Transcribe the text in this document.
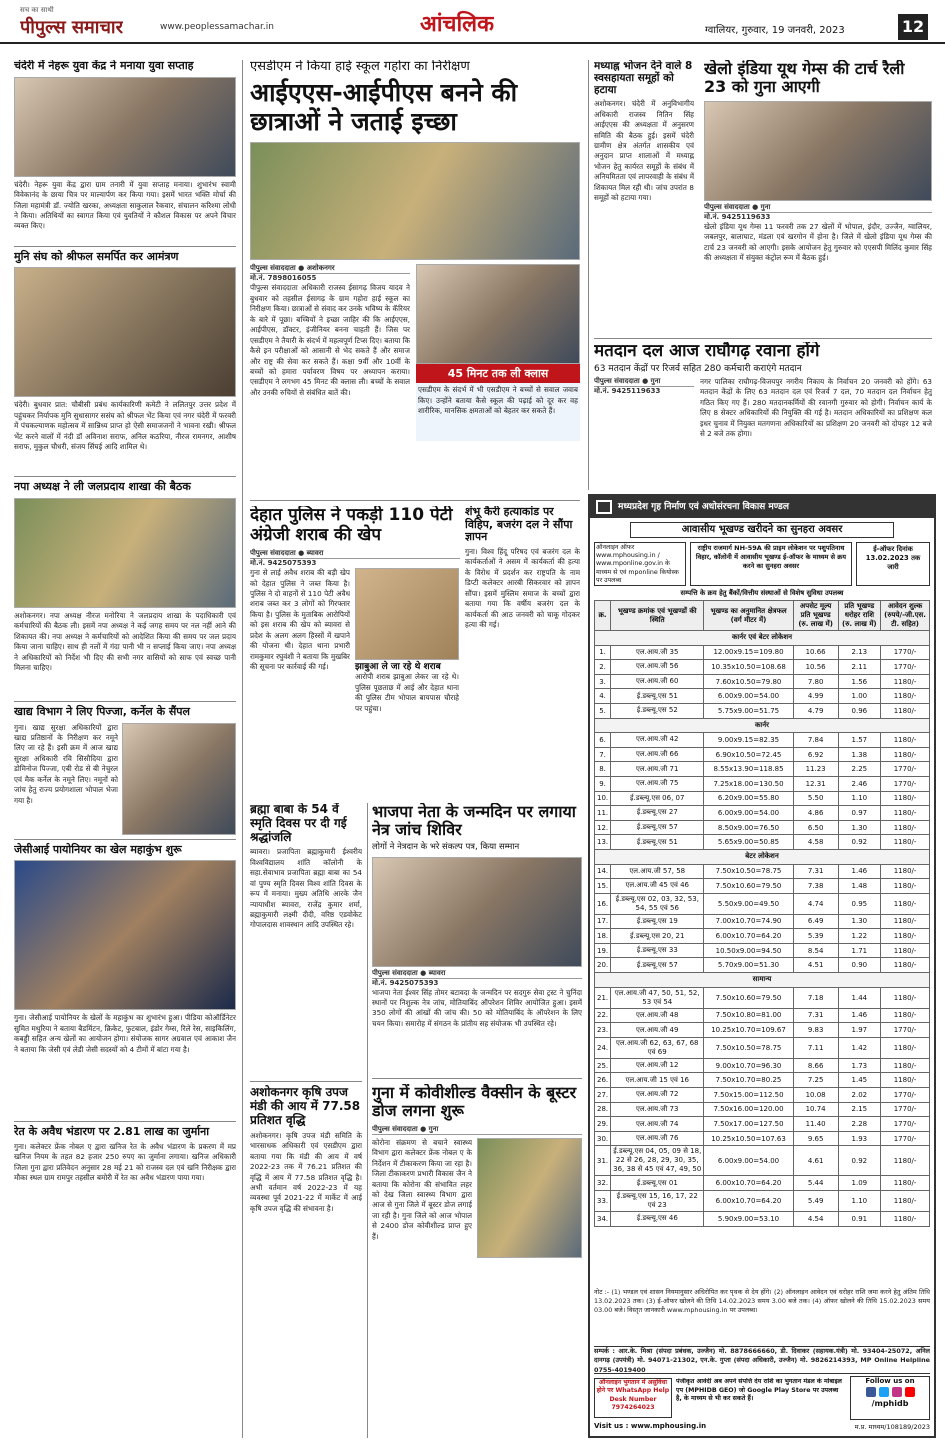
सच का साथी
पीपुल्स समाचार	www.peoplessamachar.in	आंचलिक	ग्वालियर, गुरुवार, 19 जनवरी, 2023	12
चंदेरी में नेहरू युवा केंद्र ने मनाया युवा सप्ताह
चंदेरी। नेहरू युवा केंद्र द्वारा ग्राम तनारी में युवा सप्ताह मनाया। शुभारंभ स्वामी विवेकानंद के छाया चित्र पर माल्यार्पण कर किया गया। इसमें भारत भक्ति मोर्चा की जिला महामंत्री डॉ. ज्योति खरका, अध्यक्षता साकुलाल रैकवार, संचालन करिश्मा लोधी ने किया। अतिथियों का स्वागत किया एवं युवतियों ने कौशल विकास पर अपने विचार व्यक्त किए।
मुनि संघ को श्रीफल समर्पित कर आमंत्रण
चंदेरी। बुधवार प्रात: चौबीसी प्रबंध कार्यकारिणी कमेटी ने ललितपुर उत्तर प्रदेश में पहुंचकर निर्यापक मुनि सुधासागर ससंघ को श्रीफल भेंट किया एवं नगर चंदेरी में फरवरी में पंचकल्याणक महोत्सव में सान्निध्य प्राप्त हो ऐसी समाजजनों ने भावना रखी। श्रीफल भेंट करने वालों में नंदी डॉ अविनाश सराफ, अनिल कठरिया, नीरज रामनगर, आशीष सराफ, मुकुल चौधरी, संजय सिंघई आदि शामिल थे।
नपा अध्यक्ष ने ली जलप्रदाय शाखा की बैठक
अशोकनगर। नपा अध्यक्ष नीरज मनोरिया ने जलप्रदाय शाखा के पदाधिकारी एवं कर्मचारियों की बैठक ली। इसमें नपा अध्यक्ष ने कई जगह समय पर नल नहीं आने की शिकायत की। नपा अध्यक्ष ने कर्मचारियों को आदेशित किया की समय पर जल प्रदाय किया जाना चाहिए। साथ ही नलों में गंदा पानी भी न सप्लाई किया जाए। नपा अध्यक्ष ने अधिकारियों को निर्देश भी दिए की सभी नगर वासियों को साफ एवं स्वच्छ पानी मिलना चाहिए।
खाद्य विभाग ने लिए पिज्जा, कर्नेल के सैंपल
गुना। खाद्य सुरक्षा अधिकारियों द्वारा खाद्य प्रतिष्ठानों के निरीक्षण कर नमूने लिए जा रहे हैं। इसी क्रम में आज खाद्य सुरक्षा अधिकारी रवि सिसौदिया द्वारा डोमिनोज पिज्जा, एबी रोड से बी नेचुरल एवं मैक कर्नेल के नमूने लिए। नमूनों को जांच हेतु राज्य प्रयोगशाला भोपाल भेजा गया है।
जेसीआई पायोनियर का खेल महाकुंभ शुरू
गुना। जेसीआई पायोनियर के खेलों के महाकुंभ का शुभारंभ हुआ। पीडिया कोऑर्डिनेटर सुमित मथुरिया ने बताया बैडमिंटन, क्रिकेट, फुटबाल, इंडोर गेम्स, रिले रेस, साइकिलिंग, कबड्डी सहित अन्य खेलों का आयोजन होगा। संयोजक सागर अग्रवाल एवं आकाश जैन ने बताया कि जेसी एवं लेडी जेसी सदस्यों को 4 टीमों में बांटा गया है।
रेत के अवैध भंडारण पर 2.81 लाख का जुर्माना
गुना। कलेक्टर फ्रेंक नोबल ए द्वारा खनिज रेत के अवैध भंडारण के प्रकरण में मप्र खनिज नियम के तहत 82 हजार 250 रुपए का जुर्माना लगाया। खनिज अधिकारी जिला गुना द्वारा प्रतिवेदन अनुसार 28 मई 21 को राजस्व दल एवं खनि निरीक्षक द्वारा मौका स्थल ग्राम रामपुर तहसील बमोरी में रेत का अवैध भंडारण पाया गया।
एसडीएम ने किया हाई स्कूल गहोरा का निरीक्षण
आईएएस-आईपीएस बनने की छात्राओं ने जताई इच्छा
पीपुल्स संवाददाता ● अशोकनगर
मो.नं. 7898016055
पीपुल्स संवाददाता अधिकारी राजस्व ईसागढ़ विजय यादव ने बुधवार को तहसील ईसागढ़ के ग्राम गहोरा हाई स्कूल का निरीक्षण किया। छात्राओं से संवाद कर उनके भविष्य के कॅरियर के बारे में पूछा। बच्चियों ने इच्छा जाहिर की कि आईएएस, आईपीएस, डॉक्टर, इंजीनियर बनना चाहती हैं। जिस पर एसडीएम ने तैयारी के संदर्भ में महत्वपूर्ण टिप्स दिए। बताया कि कैसे इन परीक्षाओं को आसानी से भेद सकते हैं और समाज और राष्ट्र की सेवा कर सकते हैं। कक्षा 9वीं और 10वीं के बच्चों को हमारा पर्यावरण विषय पर अध्यापन कराया। एसडीएम ने लगभग 45 मिनट की क्लास ली। बच्चों के सवाल और उनकी रुचियों से संबंधित बातें की।
45 मिनट तक ली क्लास
एसडीएम के संदर्भ में भी एसडीएम ने बच्चों से सवाल जवाब किए। उन्होंने बताया कैसे स्कूल की पढ़ाई को दूर कर वह शारीरिक, मानसिक क्षमताओं को बेहतर कर सकते हैं।
देहात पुलिस ने पकड़ी 110 पेटी अंग्रेजी शराब की खेप
पीपुल्स संवाददाता ● ब्यावरा
मो.नं. 9425075393
गुना से लाई अवैध शराब की बड़ी खेप को देहात पुलिस ने जब्त किया है। पुलिस ने दो वाहनों से 110 पेटी अवैध शराब जब्त कर 3 लोगों को गिरफ्तार किया है। पुलिस के मुताबिक आरोपियों को इस शराब की खेप को ब्यावरा से प्रदेश के अलग अलग हिस्सों में खपाने की योजना थी। देहात थाना प्रभारी रामकुमार रघुवंशी ने बताया कि मुखबिर की सूचना पर कार्रवाई की गई।	झाबुआ ले जा रहे थे शराब
आरोपी शराब झाबुआ लेकर जा रहे थे। पुलिस पूछताछ में आई और देहात थाना की पुलिस टीम भोपाल बायपास चौराहे पर पहुंचा।
ब्रह्मा बाबा के 54 वें स्मृति दिवस पर दी गई श्रद्धांजलि
ब्यावरा। प्रजापिता ब्रह्माकुमारी ईश्वरीय विश्वविद्यालय शांति कॉलोनी के सहा.सेवाभाव प्रजापिता ब्रह्मा बाबा का 54 वां पुण्य स्मृति दिवस विश्व शांति दिवस के रूप में मनाया। मुख्य अतिथि आरके जैन न्यायाधीश ब्यावरा, राजेंद्र कुमार शर्मा, ब्रह्माकुमारी लक्ष्मी दीदी, वरिष्ठ एडवोकेट गोपालदास शावस्थान आदि उपस्थित रहे।
अशोकनगर कृषि उपज मंडी की आय में 77.58 प्रतिशत वृद्धि
अशोकनगर। कृषि उपज मंडी समिति के भारसाधक अधिकारी एवं एसडीएम द्वारा बताया गया कि मंडी की आय में वर्ष 2022-23 तक में 76.21 प्रतिशत की वृद्धि में आय में 77.58 प्रतिशत वृद्धि है। अभी वर्तमान वर्ष 2022-23 में यह व्यवस्था पूर्व 2021-22 में मार्केट में आई कृषि उपज वृद्धि की संभावना है।
शंभू कैरी हत्याकांड पर विहिप, बजरंग दल ने सौंपा ज्ञापन
गुना। विश्व हिंदू परिषद एवं बजरंग दल के कार्यकर्ताओं ने असम में कार्यकर्ता की हत्या के विरोध में प्रदर्शन कर राष्ट्रपति के नाम डिप्टी कलेक्टर आरबी सिकरवार को ज्ञापन सौंपा। इसमें मुस्लिम समाज के बच्चों द्वारा बताया गया कि वर्षीय बजरंग दल के कार्यकर्ता की आठ जनवरी को चाकू गोदकर हत्या की गई।
भाजपा नेता के जन्मदिन पर लगाया नेत्र जांच शिविर
लोगों ने नेत्रदान के भरे संकल्प पत्र, किया सम्मान
पीपुल्स संवाददाता ● ब्यावरा
मो.नं. 9425075393
भाजपा नेता ईश्वर सिंह तोमर बटावदा के जन्मदिन पर सदगुरु सेवा ट्रस्ट ने चुनिंदा स्थानों पर निशुल्क नेत्र जांच, मोतियाबिंद ऑपरेशन शिविर आयोजित हुआ। इसमें 350 लोगों की आंखों की जांच की। 50 को मोतियाबिंद के ऑपरेशन के लिए चयन किया। समारोह में संगठन के प्रांतीय सह संयोजक भी उपस्थित रहे।
गुना में कोवीशील्ड वैक्सीन के बूस्टर डोज लगना शुरू
पीपुल्स संवाददाता ● गुना
कोरोना संक्रमण से बचाने स्वास्थ्य विभाग द्वारा कलेक्टर फ्रेंक नोबल ए के निर्देशन में टीकाकरण किया जा रहा है। जिला टीकाकरण प्रभारी विकास जैन ने बताया कि कोरोना की संभावित लहर को देख जिला स्वास्थ्य विभाग द्वारा आज से गुना जिले में बूस्टर डोज लगाई जा रही है। गुना जिले को आज भोपाल से 2400 डोज कोवीशील्ड प्राप्त हुए हैं।
मध्याह्न भोजन देने वाले 8 स्वसहायता समूहों को हटाया
अशोकनगर। चंदेरी में अनुविभागीय अधिकारी राजस्व नितिन सिंह आईएएस की अध्यक्षता में अनुसरण समिति की बैठक हुई। इसमें चंदेरी ग्रामीण क्षेत्र अंतर्गत शासकीय एवं अनुदान प्राप्त शालाओं में मध्याह्न भोजन हेतु कार्यरत समूहों के संबंध में अनियमितता एवं लापरवाही के संबंध में शिकायत मिल रही थी। जांच उपरांत 8 समूहों को हटाया गया।
खेलो इंडिया यूथ गेम्स की टार्च रैली 23 को गुना आएगी
पीपुल्स संवाददाता ● गुना
मो.नं. 9425119633
खेलो इंडिया यूथ गेम्स 11 फरवरी तक 27 खेलों में भोपाल, इंदौर, उज्जैन, ग्वालियर, जबलपुर, बालाघाट, मंडला एवं खरगोन में होना है। जिले में खेलो इंडिया यूथ गेम्स की टार्च 23 जनवरी को आएगी। इसके आयोजन हेतु गुरुवार को एएसपी मिलिंद कुमार सिंह की अध्यक्षता में संयुक्त कंट्रोल रूम में बैठक हुई।
मतदान दल आज राघौगढ़ रवाना होंगे
63 मतदान केंद्रों पर रिजर्व सहित 280 कर्मचारी कराएंगे मतदान
पीपुल्स संवाददाता ● गुना
मो.नं. 9425119633
नगर पालिका राघौगढ़-विजयपुर नगरीय निकाय के निर्वाचन 20 जनवरी को होंगे। 63 मतदान केंद्रों के लिए 63 मतदान दल एवं रिजर्व 7 दल, 70 मतदान दल निर्वाचन हेतु गठित किए गए हैं। 280 मतदानकर्मियों की रवानगी गुरुवार को होगी। निर्वाचन कार्य के लिए 8 सेक्टर अधिकारियों की नियुक्ति की गई है। मतदान अधिकारियों का प्रशिक्षण कल इधर चुनाव में नियुक्त मतगणना अधिकारियों का प्रशिक्षण 20 जनवरी को दोपहर 12 बजे से 2 बजे तक होगा।
मध्यप्रदेश गृह निर्माण एवं अधोसंरचना विकास मण्डल
आवासीय भूखण्ड खरीदने का सुनहरा अवसर
ऑनलाइन ऑफर www.mphousing.in / www.mponline.gov.in के माध्यम से एवं mponline कियोस्क पर उपलब्ध
राष्ट्रीय राजमार्ग NH-59A की प्राइम लोकेशन पर पशुपतिनाथ विहार, कॉलोनी में आवासीय भूखण्ड ई-ऑफर के माध्यम से क्रय करने का सुनहरा अवसर
ई-ऑफर दिनांक 13.02.2023 तक जारी
सम्पत्ति के क्रय हेतु बैंकों/वित्तीय संस्थाओं से विशेष सुविधा उपलब्ध
क्र.	भूखण्ड क्रमांक एवं भूखण्डों की स्थिति	भूखण्ड का अनुमानित क्षेत्रफल (वर्ग मीटर में)	अपसेट मूल्य प्रति भूखण्ड (रु. लाख में)	प्रति भूखण्ड धरोहर राशि (रु. लाख में)	आवेदन शुल्क (रुपये/-जी.एस. टी. सहित)
कार्नर एवं बेटर लोकेशन					
1.	एल.आय.जी 35	12.00x9.15=109.80	10.66	2.13	1770/-
2.	एल.आय.जी 56	10.35x10.50=108.68	10.56	2.11	1770/-
3.	एल.आय.जी 60	7.60x10.50=79.80	7.80	1.56	1180/-
4.	ई.डब्ल्यू.एस 51	6.00x9.00=54.00	4.99	1.00	1180/-
5.	ई.डब्ल्यू.एस 52	5.75x9.00=51.75	4.79	0.96	1180/-
कार्नर					
6.	एल.आय.जी 42	9.00x9.15=82.35	7.84	1.57	1180/-
7.	एल.आय.जी 66	6.90x10.50=72.45	6.92	1.38	1180/-
8.	एल.आय.जी 71	8.55x13.90=118.85	11.23	2.25	1770/-
9.	एल.आय.जी 75	7.25x18.00=130.50	12.31	2.46	1770/-
10.	ई.डब्ल्यू.एस 06, 07	6.20x9.00=55.80	5.50	1.10	1180/-
11.	ई.डब्ल्यू.एस 27	6.00x9.00=54.00	4.86	0.97	1180/-
12.	ई.डब्ल्यू.एस 57	8.50x9.00=76.50	6.50	1.30	1180/-
13.	ई.डब्ल्यू.एस 51	5.65x9.00=50.85	4.58	0.92	1180/-
बेटर लोकेशन					
14.	एल.आय.जी 57, 58	7.50x10.50=78.75	7.31	1.46	1180/-
15.	एल.आय.जी 45 एवं 46	7.50x10.60=79.50	7.38	1.48	1180/-
16.	ई.डब्ल्यू.एस 02, 03, 32, 53, 54, 55 एवं 56	5.50x9.00=49.50	4.74	0.95	1180/-
17.	ई.डब्ल्यू.एस 19	7.00x10.70=74.90	6.49	1.30	1180/-
18.	ई.डब्ल्यू.एस 20, 21	6.00x10.70=64.20	5.39	1.22	1180/-
19.	ई.डब्ल्यू.एस 33	10.50x9.00=94.50	8.54	1.71	1180/-
20.	ई.डब्ल्यू.एस 57	5.70x9.00=51.30	4.51	0.90	1180/-
सामान्य					
21.	एल.आय.जी 47, 50, 51, 52, 53 एवं 54	7.50x10.60=79.50	7.18	1.44	1180/-
22.	एल.आय.जी 48	7.50x10.80=81.00	7.31	1.46	1180/-
23.	एल.आय.जी 49	10.25x10.70=109.67	9.83	1.97	1770/-
24.	एल.आय.जी 62, 63, 67, 68 एवं 69	7.50x10.50=78.75	7.11	1.42	1180/-
25.	एल.आय.जी 12	9.00x10.70=96.30	8.66	1.73	1180/-
26.	एल.आय.जी 15 एवं 16	7.50x10.70=80.25	7.25	1.45	1180/-
27.	एल.आय.जी 72	7.50x15.00=112.50	10.08	2.02	1770/-
28.	एल.आय.जी 73	7.50x16.00=120.00	10.74	2.15	1770/-
29.	एल.आय.जी 74	7.50x17.00=127.50	11.40	2.28	1770/-
30.	एल.आय.जी 76	10.25x10.50=107.63	9.65	1.93	1770/-
31.	ई.डब्ल्यू.एस 04, 05, 09 से 18, 22 से 26, 28, 29, 30, 35, 36, 38 से 45 एवं 47, 49, 50	6.00x9.00=54.00	4.61	0.92	1180/-
32.	ई.डब्ल्यू.एस 01	6.00x10.70=64.20	5.44	1.09	1180/-
33.	ई.डब्ल्यू.एस 15, 16, 17, 22 एवं 23	6.00x10.70=64.20	5.49	1.10	1180/-
34.	ई.डब्ल्यू.एस 46	5.90x9.00=53.10	4.54	0.91	1180/-
नोट :- (1) भण्डल एवं शासन नियमानुसार अधिरोपित कर पृथक से देय होंगे। (2) ऑनलाइन आवेदन एवं धरोहर राशि जमा करने हेतु अंतिम तिथि 13.02.2023 तक। (3) ई-ऑफर खोलने की तिथि 14.02.2023 समय 3.00 बजे तक। (4) ऑफर खोलने की तिथि 15.02.2023 समय 03.00 बजे। विस्तृत जानकारी www.mphousing.in पर उपलब्ध।
सम्पर्क : आर.के. मिश्रा (संपदा प्रबंधक, उज्जैन) मो. 8878666660, डी. दिवाकर (सहायक.यंत्री) मो. 93404-25072, अनिल दानगढ़ (उपयंत्री) मो. 94071-21302, एन.के. गुप्ता (संपदा अधिकारी, उज्जैन) मो. 9826214393, MP Online Helpline 0755-4019400
ऑनलाइन भुगतान में असुविधा होने पर WhatsApp Help Desk Number 7974264023
पंजीकृत आवेदी अब अपने संपत्ति देय राशि का भुगतान मंडल के मोबाइल एप (MPHIDB GEO) जो Google Play Store पर उपलब्ध है, के माध्यम से भी कर सकते हैं।
Follow us on
/mphidb
Visit us : www.mphousing.in	म.प्र. माध्यम/108189/2023
